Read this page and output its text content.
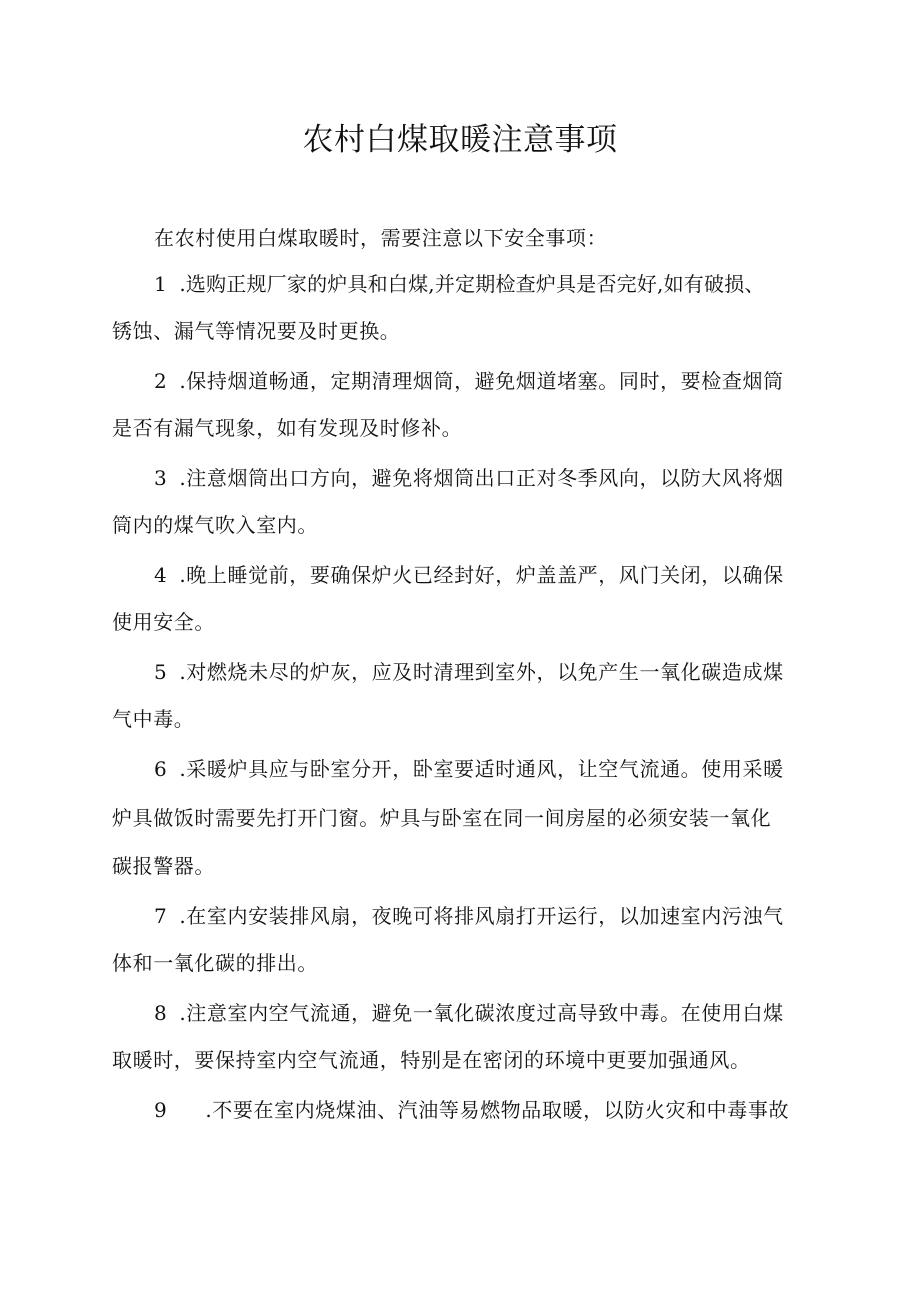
农村白煤取暖注意事项

在农村使用白煤取暖时，需要注意以下安全事项：

1 .选购正规厂家的炉具和白煤,并定期检查炉具是否完好,如有破损、

锈蚀、漏气等情况要及时更换。

2 .保持烟道畅通，定期清理烟筒，避免烟道堵塞。同时，要检查烟筒

是否有漏气现象，如有发现及时修补。

3 .注意烟筒出口方向，避免将烟筒出口正对冬季风向，以防大风将烟

筒内的煤气吹入室内。

4 .晚上睡觉前，要确保炉火已经封好，炉盖盖严，风门关闭，以确保

使用安全。

5 .对燃烧未尽的炉灰，应及时清理到室外，以免产生一氧化碳造成煤

气中毒。

6 .采暖炉具应与卧室分开，卧室要适时通风，让空气流通。使用采暖

炉具做饭时需要先打开门窗。炉具与卧室在同一间房屋的必须安装一氧化

碳报警器。

7 .在室内安装排风扇，夜晚可将排风扇打开运行，以加速室内污浊气

体和一氧化碳的排出。

8 .注意室内空气流通，避免一氧化碳浓度过高导致中毒。在使用白煤

取暖时，要保持室内空气流通，特别是在密闭的环境中更要加强通风。

9 .不要在室内烧煤油、汽油等易燃物品取暖，以防火灾和中毒事故
